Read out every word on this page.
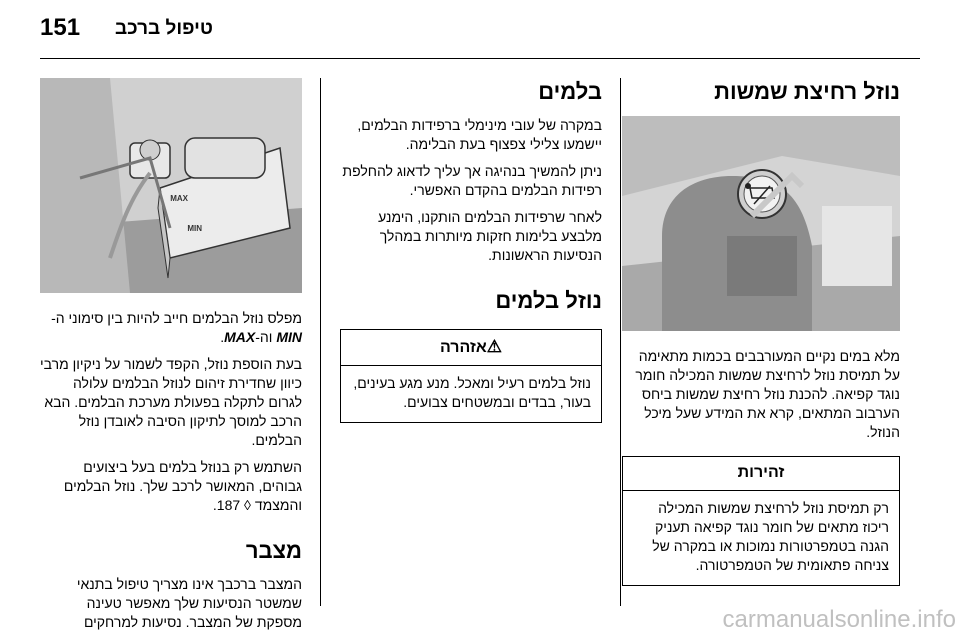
151 טיפול ברכב
נוזל רחיצת שמשות

מלא במים נקיים המעורבבים בכמות מתאימה על תמיסת נוזל לרחיצת שמשות המכילה חומר נוגד קפיאה. להכנת נוזל רחיצת שמשות ביחס הערבוב המתאים, קרא את המידע שעל מיכל הנוזל.

זהירות
רק תמיסת נוזל לרחיצת שמשות המכילה ריכוז מתאים של חומר נוגד קפיאה תעניק הגנה בטמפרטורות נמוכות או במקרה של צניחה פתאומית של הטמפרטורה.
בלמים

במקרה של עובי מינימלי ברפידות הבלמים, יישמעו צלילי צפצוף בעת הבלימה.

ניתן להמשיך בנהיגה אך עליך לדאוג להחלפת רפידות הבלמים בהקדם האפשרי.

לאחר שרפידות הבלמים הותקנו, הימנע מלבצע בלימות חזקות מיותרות במהלך הנסיעות הראשונות.

נוזל בלמים
⚠אזהרה
נוזל בלמים רעיל ומאכל. מנע מגע בעינים, בעור, בבדים ובמשטחים צבועים.
MAX
MIN

מפלס נוזל הבלמים חייב להיות בין סימוני ה-MIN וה-MAX.

בעת הוספת נוזל, הקפד לשמור על ניקיון מרבי כיוון שחדירת זיהום לנוזל הבלמים עלולה לגרום לתקלה בפעולת מערכת הבלמים. הבא הרכב למוסך לתיקון הסיבה לאובדן נוזל הבלמים.

השתמש רק בנוזל בלמים בעל ביצועים גבוהים, המאושר לרכב שלך. נוזל הבלמים והמצמד ◊ 187.

מצבר

המצבר ברכבך אינו מצריך טיפול בתנאי שמשטר הנסיעות שלך מאפשר טעינה מספקת של המצבר. נסיעות למרחקים	carmanualsonline.info
